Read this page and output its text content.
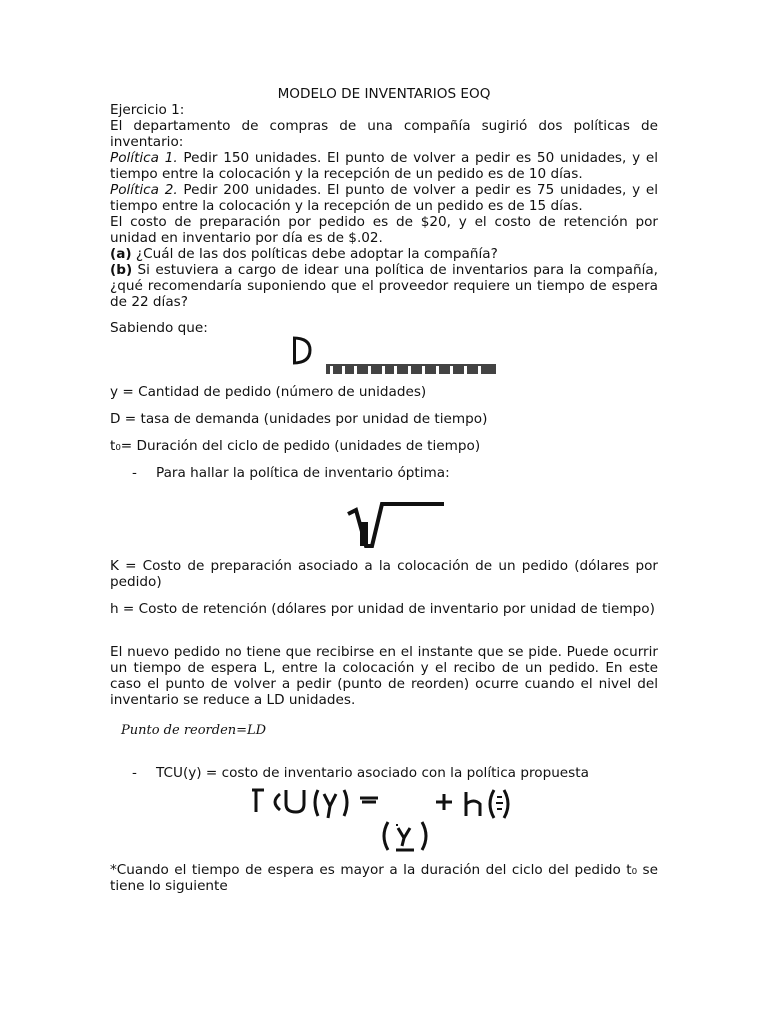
MODELO DE INVENTARIOS EOQ

Ejercicio 1:

El departamento de compras de una compañía sugirió dos políticas de inventario:

Política 1. Pedir 150 unidades. El punto de volver a pedir es 50 unidades, y el tiempo entre la colocación y la recepción de un pedido es de 10 días.

Política 2. Pedir 200 unidades. El punto de volver a pedir es 75 unidades, y el tiempo entre la colocación y la recepción de un pedido es de 15 días.

El costo de preparación por pedido es de $20, y el costo de retención por unidad en inventario por día es de $.02.

(a) ¿Cuál de las dos políticas debe adoptar la compañía?

(b) Si estuviera a cargo de idear una política de inventarios para la compañía, ¿qué recomendaría suponiendo que el proveedor requiere un tiempo de espera de 22 días?

Sabiendo que:
y = Cantidad de pedido (número de unidades)
D = tasa de demanda (unidades por unidad de tiempo)
t₀= Duración del ciclo de pedido (unidades de tiempo)
- Para hallar la política de inventario óptima:
K = Costo de preparación asociado a la colocación de un pedido (dólares por pedido)
h = Costo de retención (dólares por unidad de inventario por unidad de tiempo)
El nuevo pedido no tiene que recibirse en el instante que se pide. Puede ocurrir un tiempo de espera L, entre la colocación y el recibo de un pedido. En este caso el punto de volver a pedir (punto de reorden) ocurre cuando el nivel del inventario se reduce a LD unidades.
Punto de reorden=LD
- TCU(y) = costo de inventario asociado con la política propuesta
*Cuando el tiempo de espera es mayor a la duración del ciclo del pedido t₀ se tiene lo siguiente
